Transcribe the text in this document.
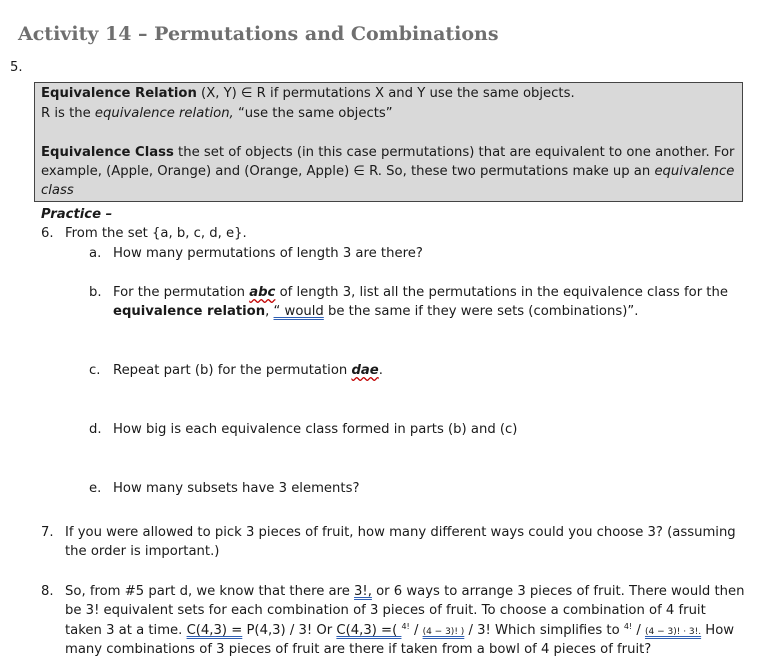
Activity 14 – Permutations and Combinations
5.
Equivalence Relation (X, Y) ∈ R if permutations X and Y use the same objects.
R is the equivalence relation, “use the same objects”
Equivalence Class the set of objects (in this case permutations) that are equivalent to one another. For
example, (Apple, Orange) and (Orange, Apple) ∈ R. So, these two permutations make up an equivalence
class
Practice –
6. From the set {a, b, c, d, e}.
a. How many permutations of length 3 are there?
b. For the permutation abc of length 3, list all the permutations in the equivalence class for the
equivalence relation, “ would be the same if they were sets (combinations)”.
c. Repeat part (b) for the permutation dae.
d. How big is each equivalence class formed in parts (b) and (c)
e. How many subsets have 3 elements?
7. If you were allowed to pick 3 pieces of fruit, how many different ways could you choose 3? (assuming
the order is important.)
8. So, from #5 part d, we know that there are 3!, or 6 ways to arrange 3 pieces of fruit. There would then
be 3! equivalent sets for each combination of 3 pieces of fruit. To choose a combination of 4 fruit
taken 3 at a time. C(4,3) = P(4,3) / 3! Or C(4,3) =( $^{4!}$ / (4 − 3)! ) / 3! Which simplifies to $^{4!}$ / (4 − 3)! · 3!. How
many combinations of 3 pieces of fruit are there if taken from a bowl of 4 pieces of fruit?
